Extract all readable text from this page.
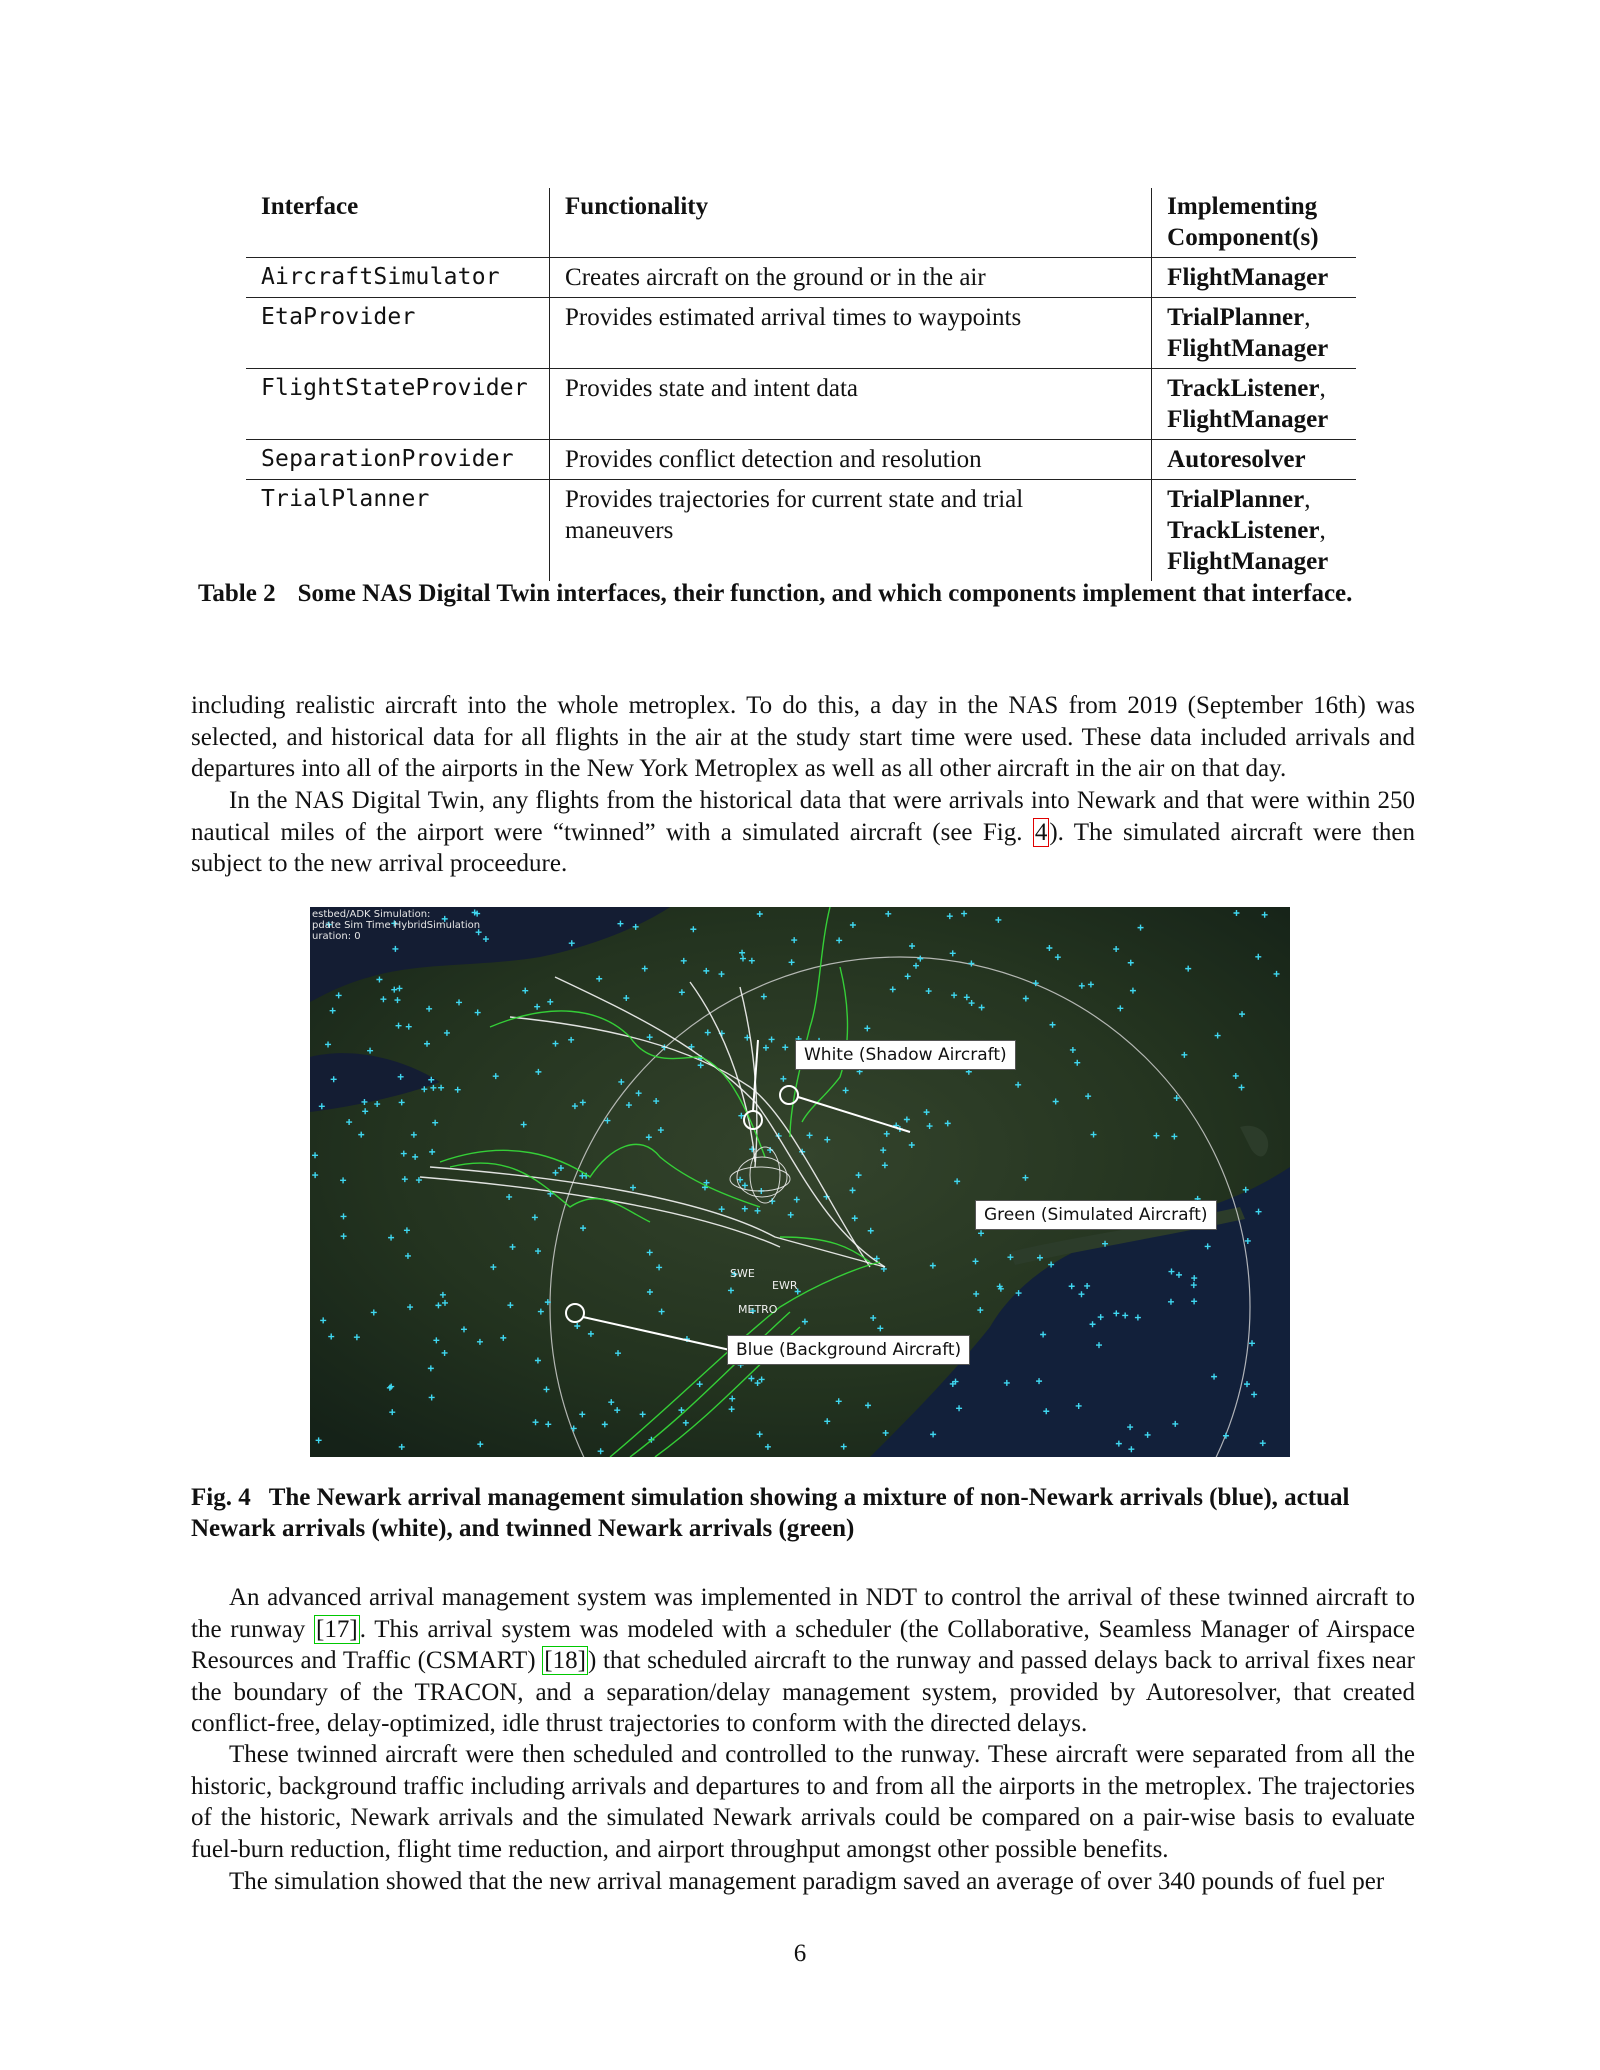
Interface	Functionality	Implementing Component(s)
AircraftSimulator	Creates aircraft on the ground or in the air	FlightManager
EtaProvider	Provides estimated arrival times to waypoints	TrialPlanner,
FlightManager
FlightStateProvider	Provides state and intent data	TrackListener,
FlightManager
SeparationProvider	Provides conflict detection and resolution	Autoresolver
TrialPlanner	Provides trajectories for current state and trial maneuvers	TrialPlanner,
TrackListener,
FlightManager
Table 2 Some NAS Digital Twin interfaces, their function, and which components implement that interface.

including realistic aircraft into the whole metroplex. To do this, a day in the NAS from 2019 (September 16th) was selected, and historical data for all flights in the air at the study start time were used. These data included arrivals and departures into all of the airports in the New York Metroplex as well as all other aircraft in the air on that day.

In the NAS Digital Twin, any flights from the historical data that were arrivals into Newark and that were within 250 nautical miles of the airport were “twinned” with a simulated aircraft (see Fig. 4). The simulated aircraft were then subject to the new arrival proceedure.

estbed/ADK Simulation:
pdate Sim Time HybridSimulation
uration: 0
SWE
EWR
METRO
White (Shadow Aircraft)
Green (Simulated Aircraft)
Blue (Background Aircraft)
Fig. 4 The Newark arrival management simulation showing a mixture of non-Newark arrivals (blue), actual Newark arrivals (white), and twinned Newark arrivals (green)

An advanced arrival management system was implemented in NDT to control the arrival of these twinned aircraft to the runway [17]. This arrival system was modeled with a scheduler (the Collaborative, Seamless Manager of Airspace Resources and Traffic (CSMART) [18]) that scheduled aircraft to the runway and passed delays back to arrival fixes near the boundary of the TRACON, and a separation/delay management system, provided by Autoresolver, that created conflict-free, delay-optimized, idle thrust trajectories to conform with the directed delays.

These twinned aircraft were then scheduled and controlled to the runway. These aircraft were separated from all the historic, background traffic including arrivals and departures to and from all the airports in the metroplex. The trajectories of the historic, Newark arrivals and the simulated Newark arrivals could be compared on a pair-wise basis to evaluate fuel-burn reduction, flight time reduction, and airport throughput amongst other possible benefits.

The simulation showed that the new arrival management paradigm saved an average of over 340 pounds of fuel per

6
